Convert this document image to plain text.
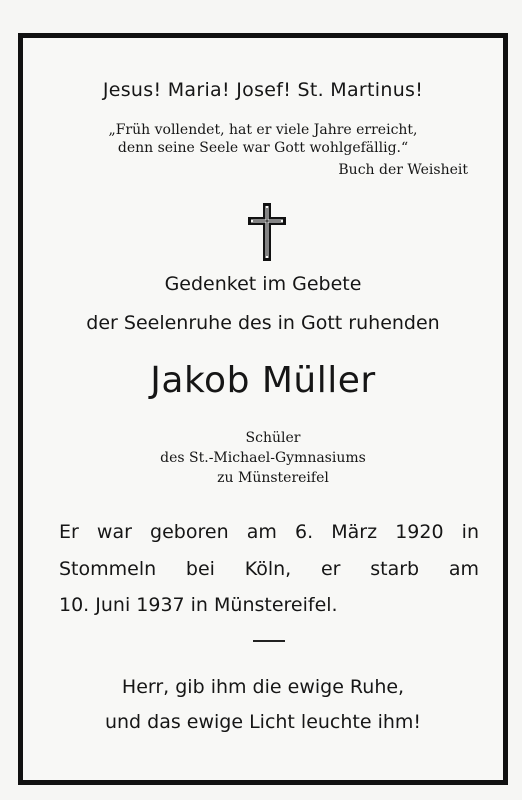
Jesus! Maria! Josef! St. Martinus!
„Früh vollendet, hat er viele Jahre erreicht,
denn seine Seele war Gott wohlgefällig.“
Buch der Weisheit
Gedenket im Gebete
der Seelenruhe des in Gott ruhenden
Jakob Müller
Schüler
des St.-Michael-Gymnasiums
zu Münstereifel
Er war geboren am 6. März 1920 in
Stommeln bei Köln, er starb am
10. Juni 1937 in Münstereifel.
Herr, gib ihm die ewige Ruhe,
und das ewige Licht leuchte ihm!
